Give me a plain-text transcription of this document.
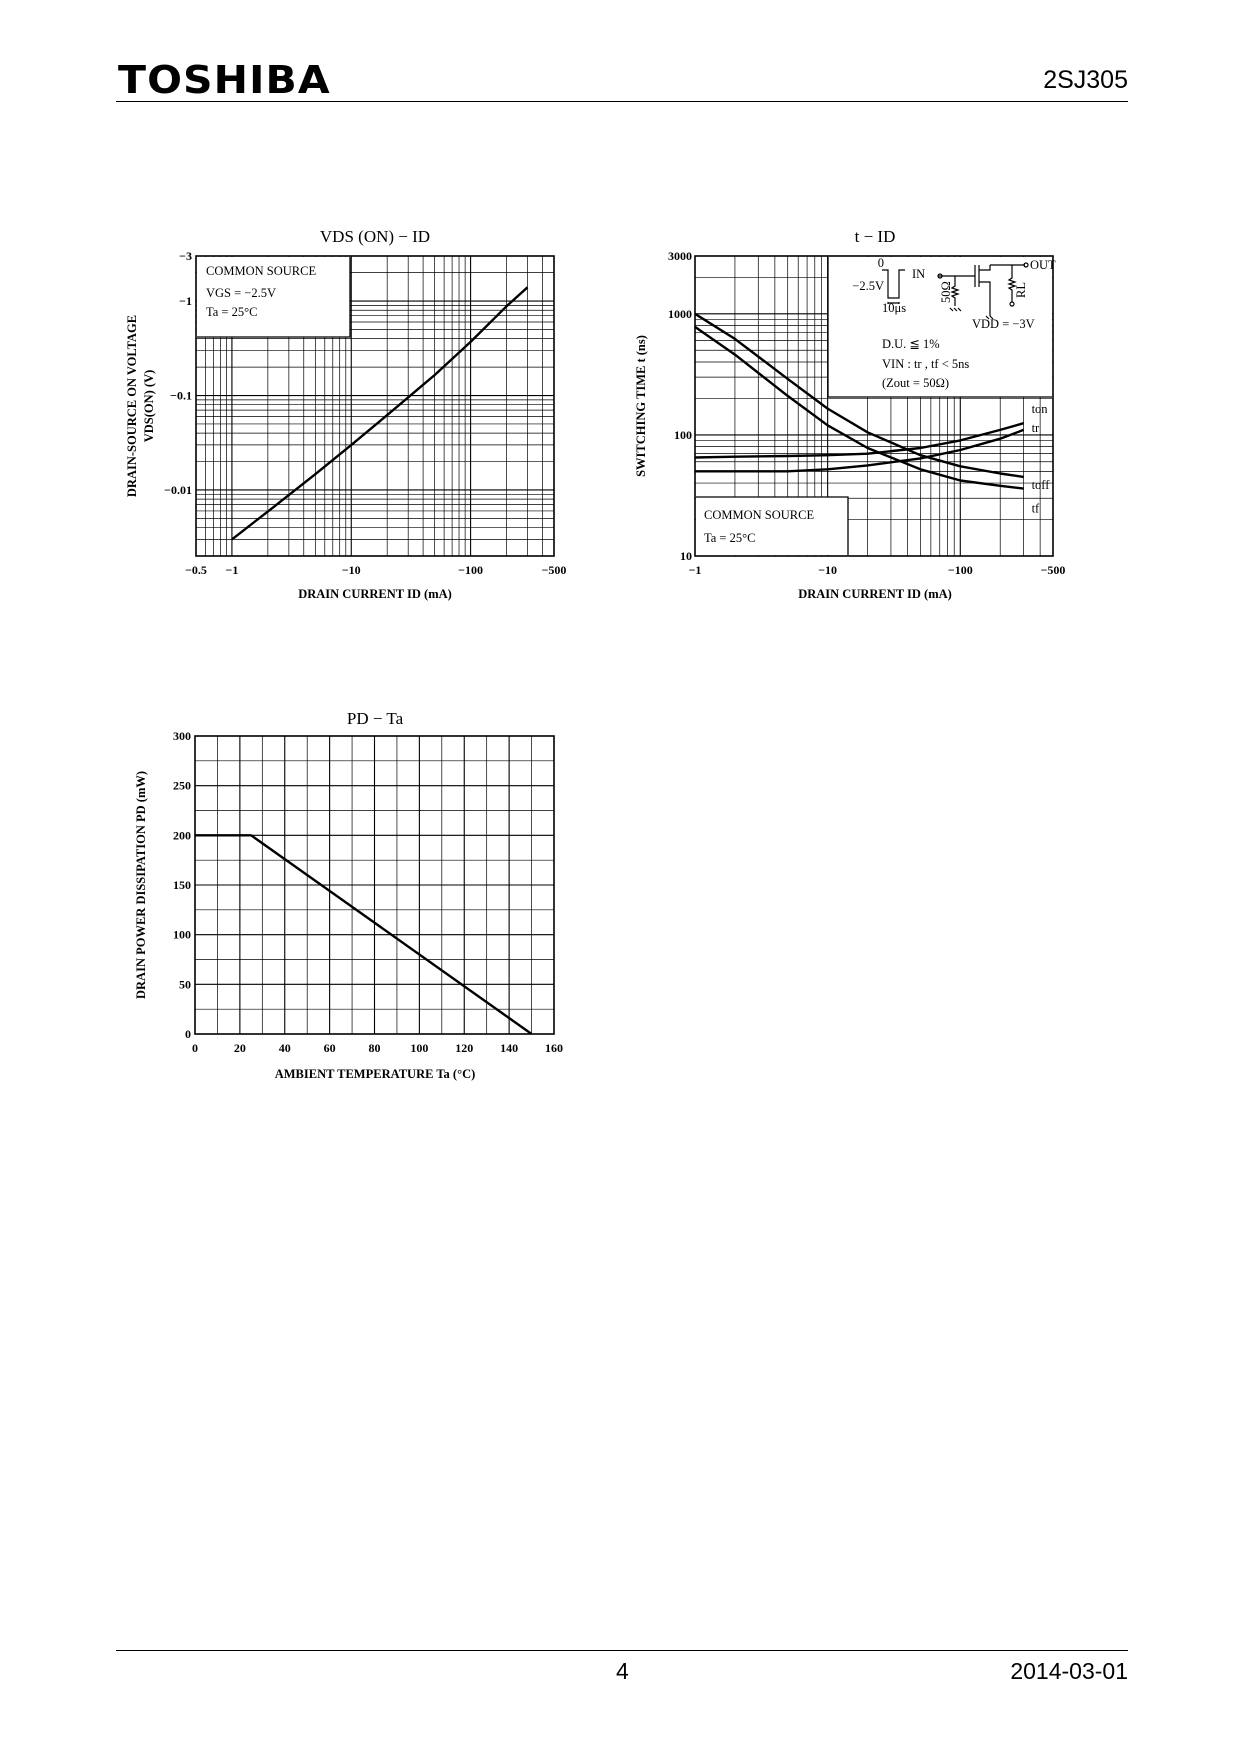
TOSHIBA	2SJ305
COMMON SOURCE
VGS = −2.5V
Ta = 25°C
−0.5 −1	−10	−100	−500
−3
−1
−0.1
−0.01
VDS (ON) − ID
DRAIN CURRENT ID (mA)
DRAIN-SOURCE ON VOLTAGE VDS(ON) (V)
COMMON SOURCE
Ta = 25°C
0
−2.5V
IN
10μs
50Ω	RL
OUT
VDD = −3V
D.U. ≦ 1%
VIN : tr , tf < 5ns
(Zout = 50Ω)
−1	−10	−100	−500
3000
1000
100
10
ton
tr
toff
tf
t − ID
DRAIN CURRENT ID (mA)
SWITCHING TIME t (ns)
0	20	40	60	80 100 120 140 160
0
50
100
150
200
250
300
PD − Ta
AMBIENT TEMPERATURE Ta (°C)
DRAIN POWER DISSIPATION PD (mW)
4	2014-03-01
